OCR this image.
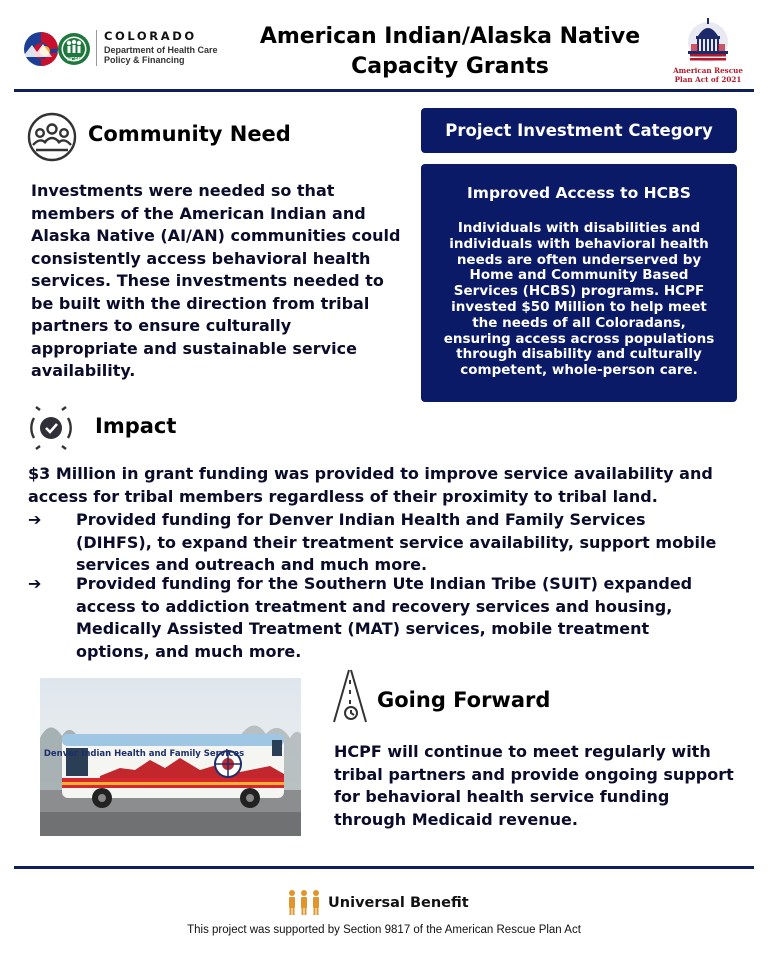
HCPF
COLORADO
Department of Health Care
Policy & Financing
American Indian/Alaska Native
Capacity Grants	American Rescue
Plan Act of 2021
Community Need
Investments were needed so that members of the American Indian and Alaska Native (AI/AN) communities could consistently access behavioral health services. These investments needed to be built with the direction from tribal partners to ensure culturally appropriate and sustainable service availability.
Project Investment Category
Improved Access to HCBS
Individuals with disabilities and individuals with behavioral health needs are often underserved by Home and Community Based Services (HCBS) programs. HCPF invested $50 Million to help meet the needs of all Coloradans, ensuring access across populations through disability and culturally competent, whole-person care.
Impact
$3 Million in grant funding was provided to improve service availability and access for tribal members regardless of their proximity to tribal land.
➔ Provided funding for Denver Indian Health and Family Services (DIHFS), to expand their treatment service availability, support mobile services and outreach and much more.
➔ Provided funding for the Southern Ute Indian Tribe (SUIT) expanded access to addiction treatment and recovery services and housing, Medically Assisted Treatment (MAT) services, mobile treatment options, and much more.
Denver Indian Health and Family Services
Going Forward
HCPF will continue to meet regularly with tribal partners and provide ongoing support for behavioral health service funding through Medicaid revenue.
Universal Benefit
This project was supported by Section 9817 of the American Rescue Plan Act
